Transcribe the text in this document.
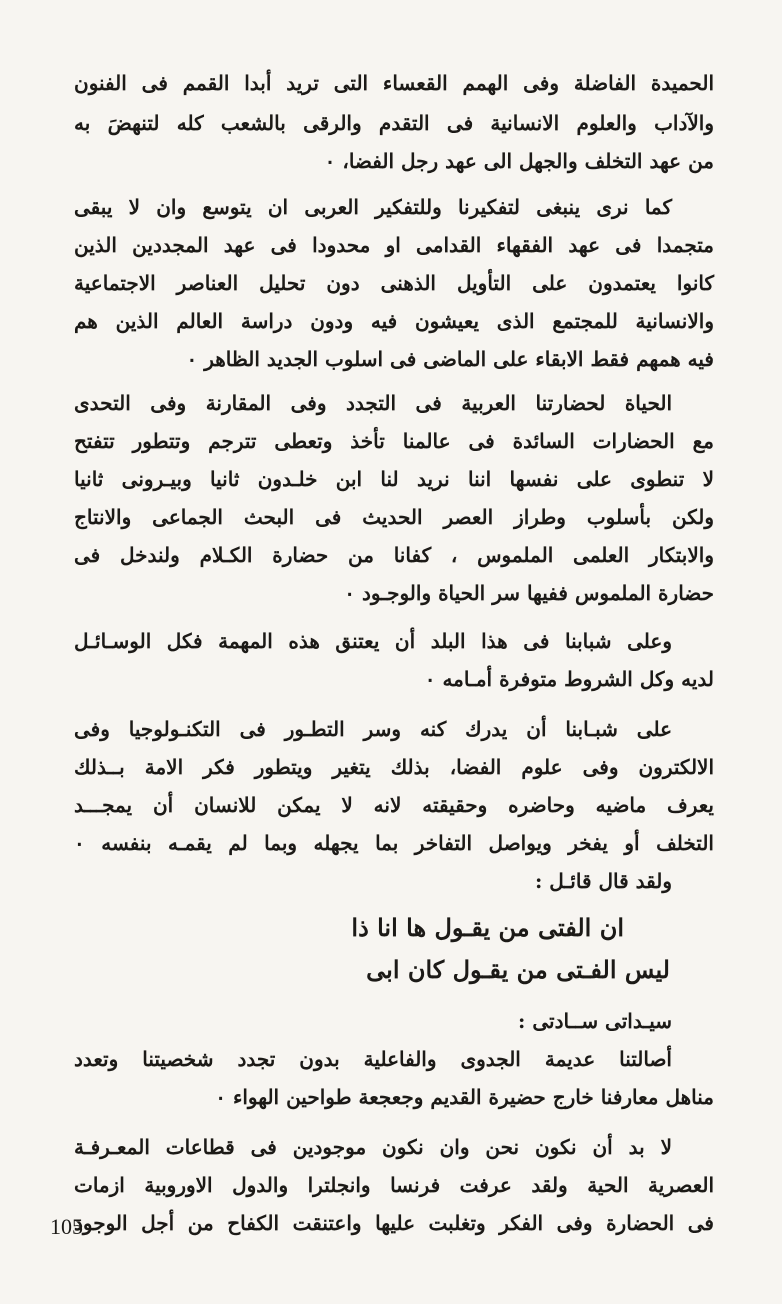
105
الحميدة الفاضلة وفى الهمم القعساء التى تريد أبدا القمم فى الفنون
والآداب والعلوم الانسانية فى التقدم والرقى بالشعب كله لتنهضَ به
من عهد التخلف والجهل الى عهد رجل الفضا، ٠
كما نرى ينبغى لتفكيرنا وللتفكير العربى ان يتوسع وان لا يبقى
متجمدا فى عهد الفقهاء القدامى او محدودا فى عهد المجددين الذين
كانوا يعتمدون على التأويل الذهنى دون تحليل العناصر الاجتماعية
والانسانية للمجتمع الذى يعيشون فيه ودون دراسة العالم الذين هم
فيه همهم فقط الابقاء على الماضى فى اسلوب الجديد الظاهر ٠
الحياة لحضارتنا العربية فى التجدد وفى المقارنة وفى التحدى
مع الحضارات السائدة فى عالمنا تأخذ وتعطى تترجم وتتطور تتفتح
لا تنطوى على نفسها اننا نريد لنا ابن خلـدون ثانيا وبيـرونى ثانيا
ولكن بأسلوب وطراز العصر الحديث فى البحث الجماعى والانتاج
والابتكار العلمى الملموس ، كفانا من حضارة الكـلام ولندخل فى
حضارة الملموس ففيها سر الحياة والوجـود ٠
وعلى شبابنا فى هذا البلد أن يعتنق هذه المهمة فكل الوسـائـل
لديه وكل الشروط متوفرة أمـامه ٠
على شبـابنا أن يدرك كنه وسر التطـور فى التكنـولوجيا وفى
الالكترون وفى علوم الفضا، بذلك يتغير ويتطور فكر الامة بــذلك
يعرف ماضيه وحاضره وحقيقته لانه لا يمكن للانسان أن يمجـــد
التخلف أو يفخر ويواصل التفاخر بما يجهله وبما لم يقمـه بنفسه ٠
ولقد قال قائـل :
سيـداتى ســادتى :
أصالتنا عديمة الجدوى والفاعلية بدون تجدد شخصيتنا وتعدد
مناهل معارفنا خارج حضيرة القديم وجعجعة طواحين الهواء ٠
لا بد أن نكون نحن وان نكون موجودين فى قطاعات المعـرفـة
العصرية الحية ولقد عرفت فرنسا وانجلترا والدول الاوروبية ازمات
فى الحضارة وفى الفكر وتغلبت عليها واعتنقت الكفاح من أجل الوجود
ان الفتى من يقـول ها انا ذا
ليس الفـتى من يقـول كان ابى
